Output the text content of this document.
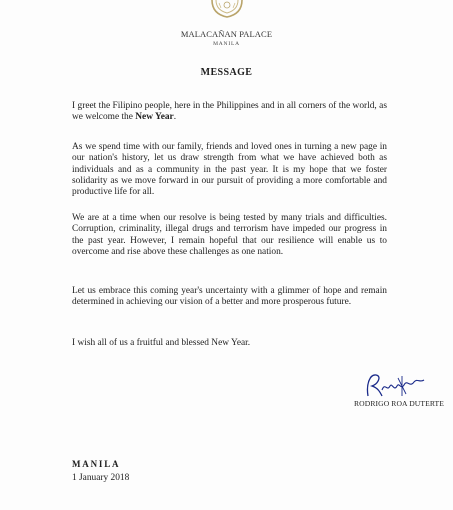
MALACAÑAN PALACE
MANILA
MESSAGE
I greet the Filipino people, here in the Philippines and in all corners of the world, as we welcome the New Year.
As we spend time with our family, friends and loved ones in turning a new page in our nation's history, let us draw strength from what we have achieved both as individuals and as a community in the past year. It is my hope that we foster solidarity as we move forward in our pursuit of providing a more comfortable and productive life for all.
We are at a time when our resolve is being tested by many trials and difficulties. Corruption, criminality, illegal drugs and terrorism have impeded our progress in the past year. However, I remain hopeful that our resilience will enable us to overcome and rise above these challenges as one nation.
Let us embrace this coming year's uncertainty with a glimmer of hope and remain determined in achieving our vision of a better and more prosperous future.
I wish all of us a fruitful and blessed New Year.
RODRIGO ROA DUTERTE
MANILA
1 January 2018
